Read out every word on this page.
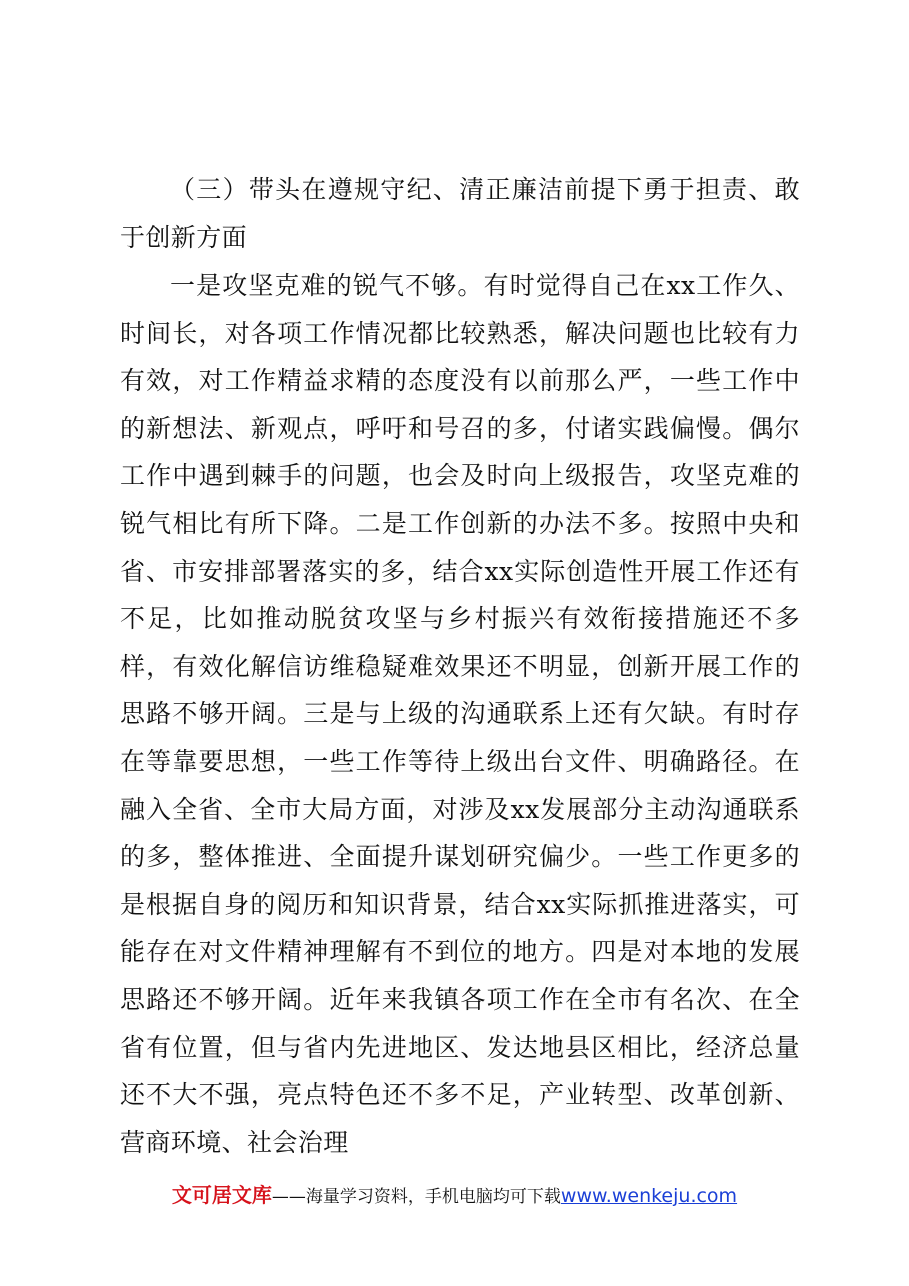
（三）带头在遵规守纪、清正廉洁前提下勇于担责、敢于创新方面
一是攻坚克难的锐气不够。有时觉得自己在xx工作久、时间长，对各项工作情况都比较熟悉，解决问题也比较有力有效，对工作精益求精的态度没有以前那么严，一些工作中的新想法、新观点，呼吁和号召的多，付诸实践偏慢。偶尔工作中遇到棘手的问题，也会及时向上级报告，攻坚克难的锐气相比有所下降。二是工作创新的办法不多。按照中央和省、市安排部署落实的多，结合xx实际创造性开展工作还有不足，比如推动脱贫攻坚与乡村振兴有效衔接措施还不多样，有效化解信访维稳疑难效果还不明显，创新开展工作的思路不够开阔。三是与上级的沟通联系上还有欠缺。有时存在等靠要思想，一些工作等待上级出台文件、明确路径。在融入全省、全市大局方面，对涉及xx发展部分主动沟通联系的多，整体推进、全面提升谋划研究偏少。一些工作更多的是根据自身的阅历和知识背景，结合xx实际抓推进落实，可能存在对文件精神理解有不到位的地方。四是对本地的发展思路还不够开阔。近年来我镇各项工作在全市有名次、在全省有位置，但与省内先进地区、发达地县区相比，经济总量还不大不强，亮点特色还不多不足，产业转型、改革创新、营商环境、社会治理
文可居文库——海量学习资料，手机电脑均可下载www.wenkeju.com
